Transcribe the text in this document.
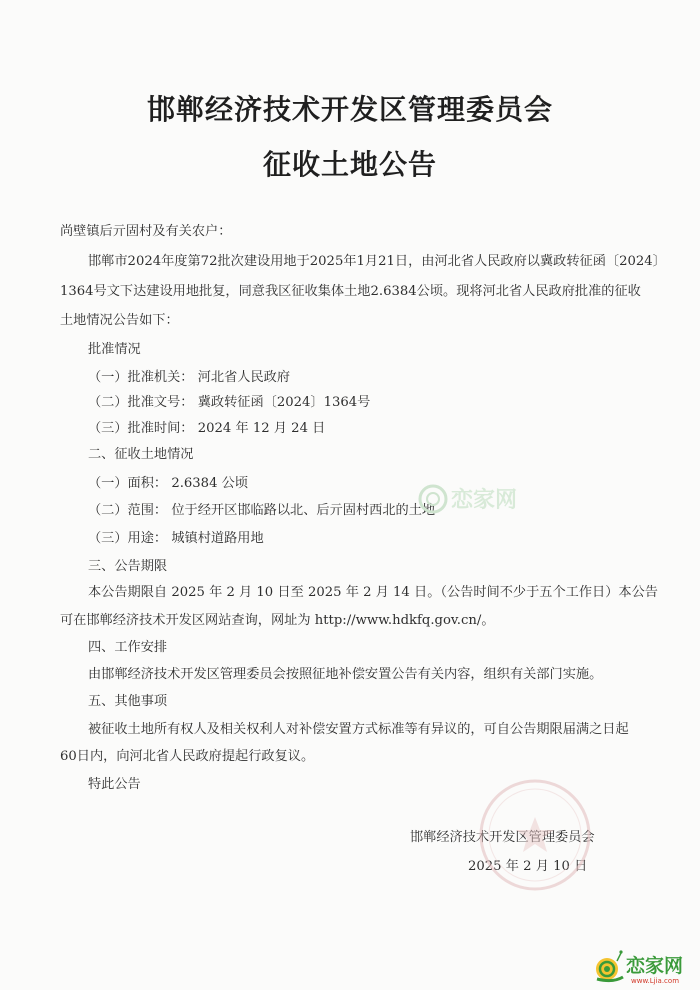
邯郸经济技术开发区管理委员会
征收土地公告

尚壁镇后亓固村及有关农户：

邯郸市2024年度第72批次建设用地于2025年1月21日，由河北省人民政府以冀政转征函〔2024〕

1364号文下达建设用地批复，同意我区征收集体土地2.6384公顷。现将河北省人民政府批准的征收

土地情况公告如下：

批准情况

（一）批准机关： 河北省人民政府

（二）批准文号： 冀政转征函〔2024〕1364号

（三）批准时间： 2024 年 12 月 24 日

二、征收土地情况

（一）面积： 2.6384 公顷

（二）范围： 位于经开区邯临路以北、后亓固村西北的土地

（三）用途： 城镇村道路用地

三、公告期限

本公告期限自 2025 年 2 月 10 日至 2025 年 2 月 14 日。（公告时间不少于五个工作日）本公告

可在邯郸经济技术开发区网站查询，网址为 http://www.hdkfq.gov.cn/。

四、工作安排

由邯郸经济技术开发区管理委员会按照征地补偿安置公告有关内容，组织有关部门实施。

五、其他事项

被征收土地所有权人及相关权利人对补偿安置方式标准等有异议的，可自公告期限届满之日起

60日内，向河北省人民政府提起行政复议。

特此公告

邯郸经济技术开发区管理委员会

2025 年 2 月 10 日

恋家网
恋家网
www.Ljia.com
